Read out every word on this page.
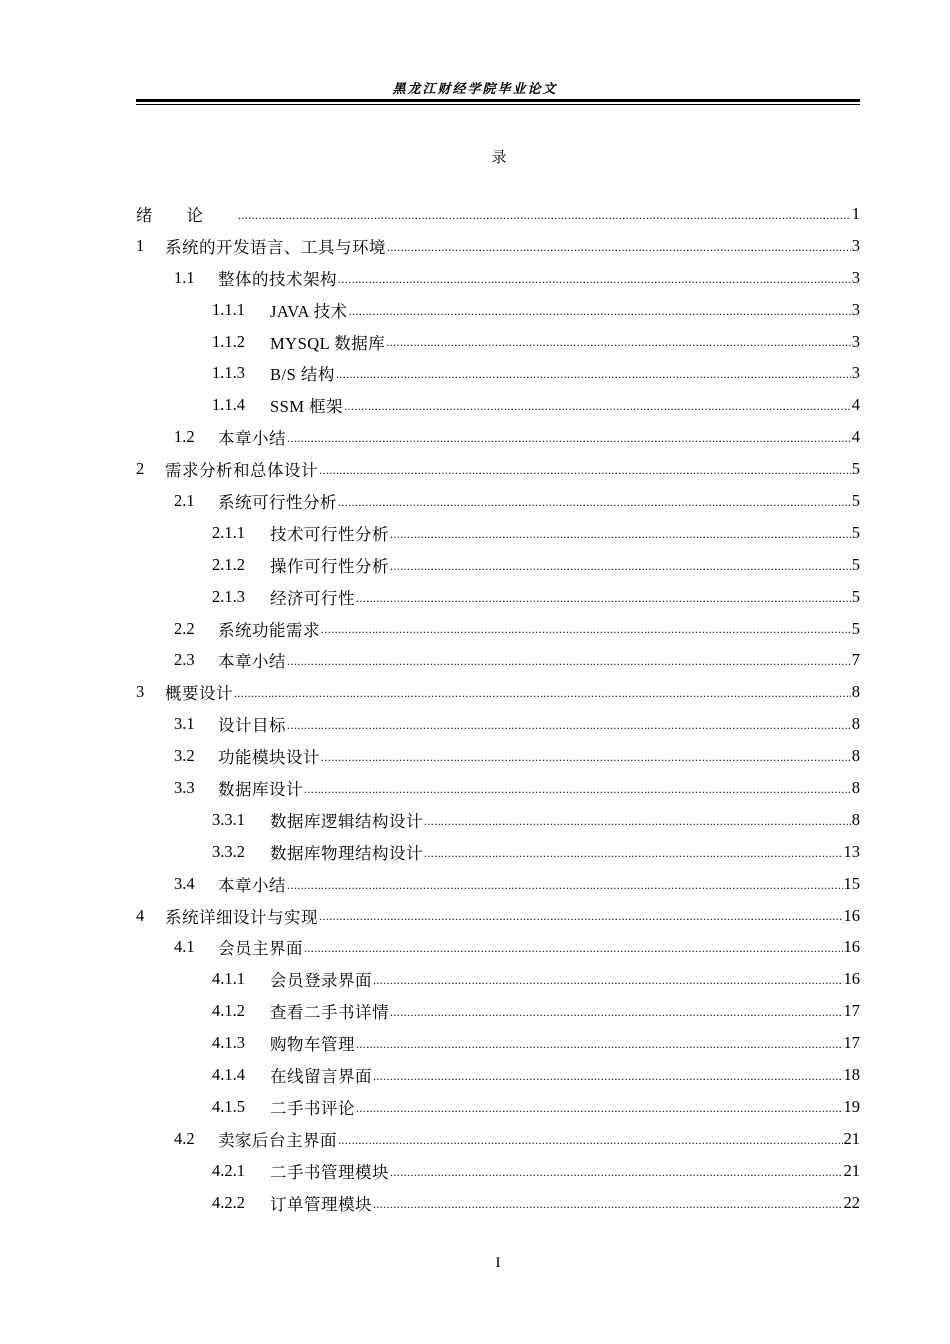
黑龙江财经学院毕业论文
录
绪论 .....	1
1	系统的开发语言、工具与环境 .....	3
1.1	整体的技术架构 .....	3
1.1.1	JAVA 技术 .....	3
1.1.2	MYSQL 数据库 .....	3
1.1.3	B/S 结构 .....	3
1.1.4	SSM 框架 .....	4
1.2	本章小结 .....	4
2	需求分析和总体设计 .....	5
2.1	系统可行性分析 .....	5
2.1.1	技术可行性分析 .....	5
2.1.2	操作可行性分析 .....	5
2.1.3	经济可行性 .....	5
2.2	系统功能需求 .....	5
2.3	本章小结 .....	7
3	概要设计 .....	8
3.1	设计目标 .....	8
3.2	功能模块设计 .....	8
3.3	数据库设计 .....	8
3.3.1	数据库逻辑结构设计 .....	8
3.3.2	数据库物理结构设计 .....	13
3.4	本章小结 .....	15
4	系统详细设计与实现 .....	16
4.1	会员主界面 .....	16
4.1.1	会员登录界面 .....	16
4.1.2	查看二手书详情 .....	17
4.1.3	购物车管理 .....	17
4.1.4	在线留言界面 .....	18
4.1.5	二手书评论 .....	19
4.2	卖家后台主界面 .....	21
4.2.1	二手书管理模块 .....	21
4.2.2	订单管理模块 .....	22
I
